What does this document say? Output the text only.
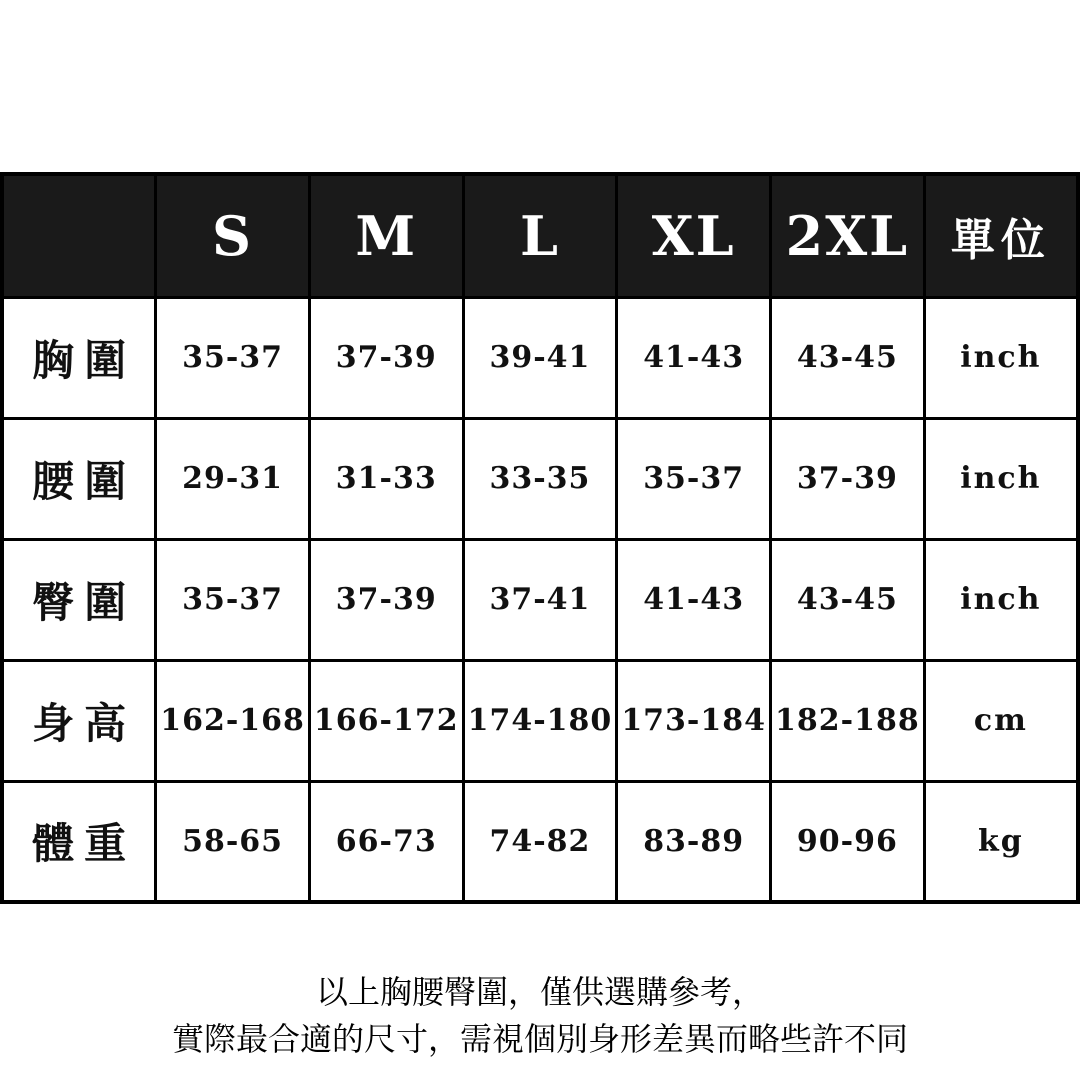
	S	M	L	XL	2XL	單位
胸圍	35-37	37-39	39-41	41-43	43-45	inch
腰圍	29-31	31-33	33-35	35-37	37-39	inch
臀圍	35-37	37-39	37-41	41-43	43-45	inch
身高	162-168	166-172	174-180	173-184	182-188	cm
體重	58-65	66-73	74-82	83-89	90-96	kg
以上胸腰臀圍，僅供選購參考，
實際最合適的尺寸，需視個別身形差異而略些許不同
